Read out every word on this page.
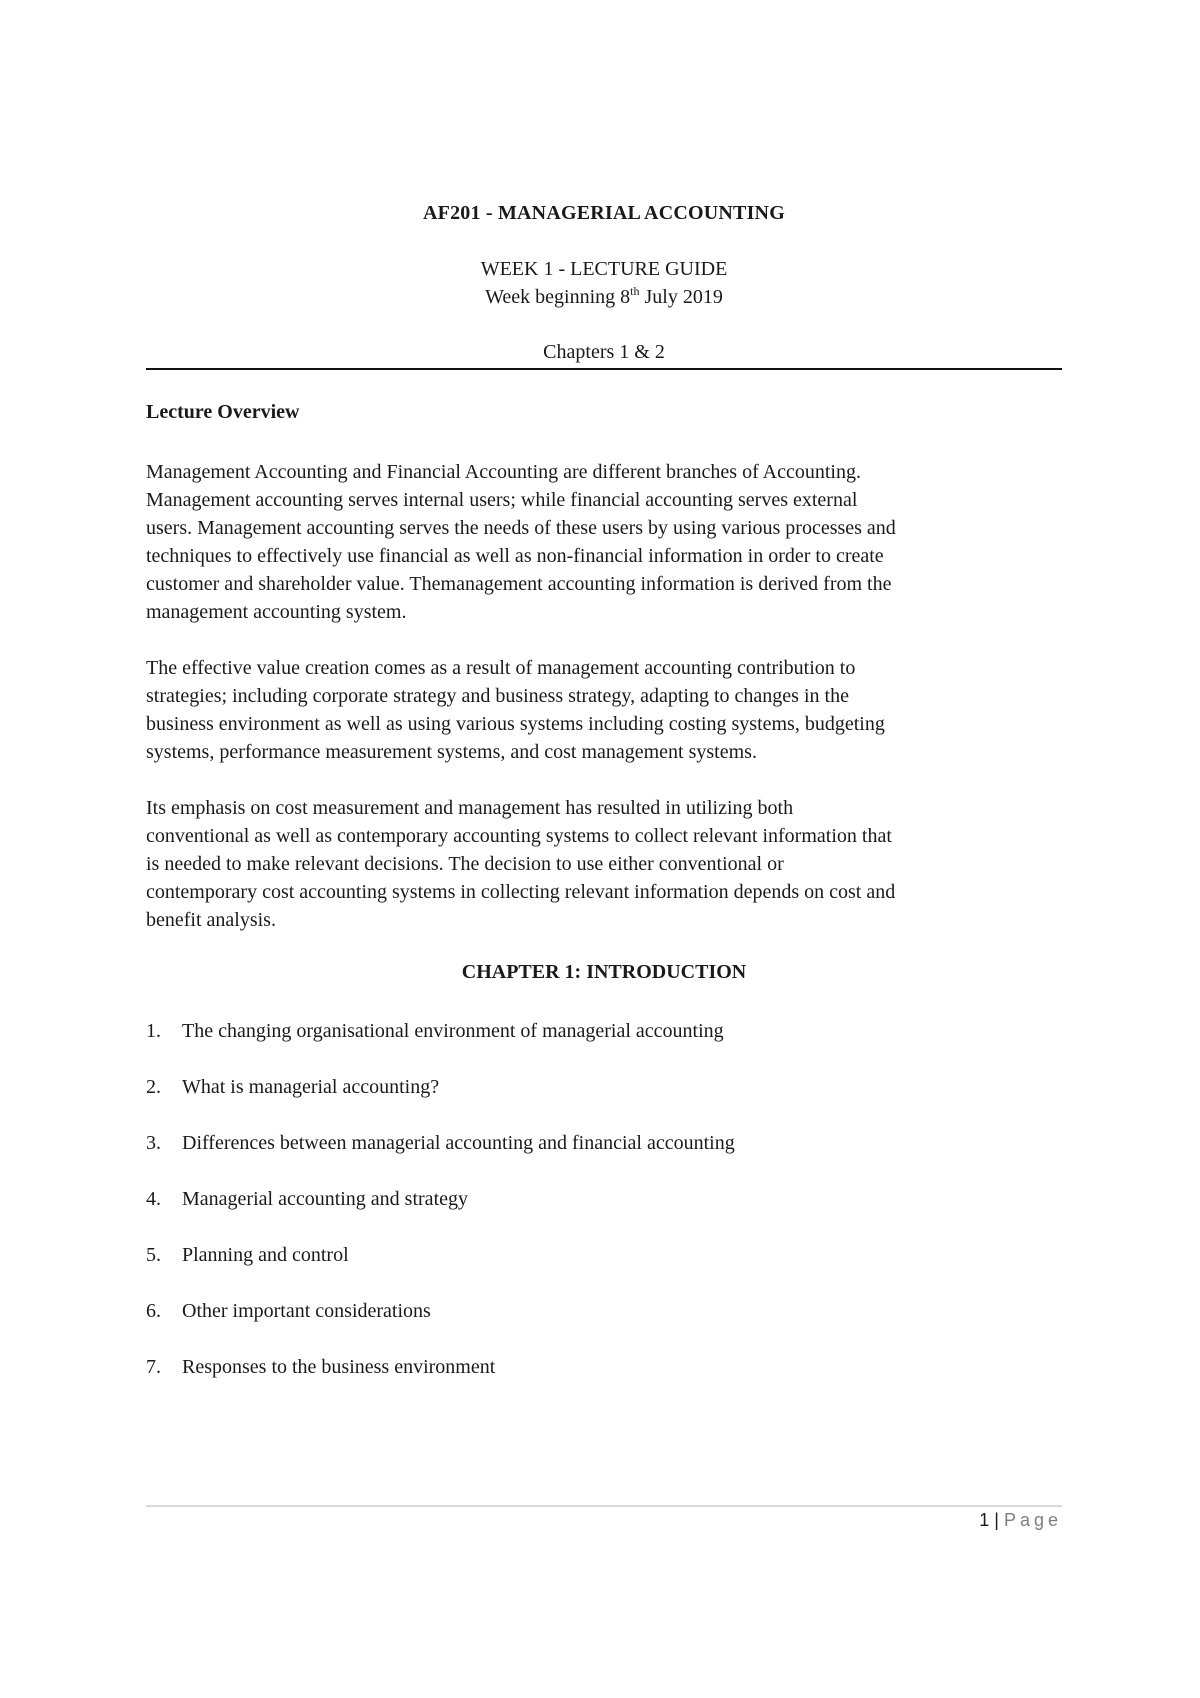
AF201 - MANAGERIAL ACCOUNTING
WEEK 1 - LECTURE GUIDE
Week beginning 8th July 2019
Chapters 1 & 2
Lecture Overview

Management Accounting and Financial Accounting are different branches of Accounting.
Management accounting serves internal users; while financial accounting serves external
users. Management accounting serves the needs of these users by using various processes and
techniques to effectively use financial as well as non-financial information in order to create
customer and shareholder value. Themanagement accounting information is derived from the
management accounting system.

The effective value creation comes as a result of management accounting contribution to
strategies; including corporate strategy and business strategy, adapting to changes in the
business environment as well as using various systems including costing systems, budgeting
systems, performance measurement systems, and cost management systems.

Its emphasis on cost measurement and management has resulted in utilizing both
conventional as well as contemporary accounting systems to collect relevant information that
is needed to make relevant decisions. The decision to use either conventional or
contemporary cost accounting systems in collecting relevant information depends on cost and
benefit analysis.

CHAPTER 1: INTRODUCTION
1. The changing organisational environment of managerial accounting
2. What is managerial accounting?
3. Differences between managerial accounting and financial accounting
4. Managerial accounting and strategy
5. Planning and control
6. Other important considerations
7. Responses to the business environment
1 | Page
